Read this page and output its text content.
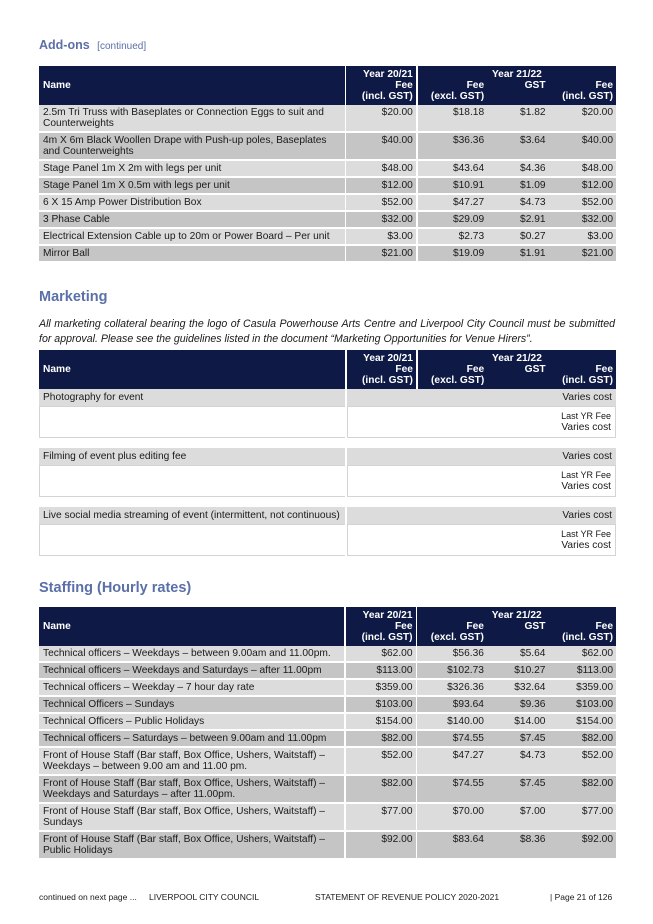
Add-ons [continued]
Name		Year 20/21		Year 21/22		
	Fee
(incl. GST)		Fee
(excl. GST)	GST	Fee
(incl. GST)
2.5m Tri Truss with Baseplates or Connection Eggs to suit and Counterweights		$20.00		$18.18	$1.82	$20.00
4m X 6m Black Woollen Drape with Push-up poles, Baseplates and Counterweights		$40.00		$36.36	$3.64	$40.00
Stage Panel 1m X 2m with legs per unit		$48.00		$43.64	$4.36	$48.00
Stage Panel 1m X 0.5m with legs per unit		$12.00		$10.91	$1.09	$12.00
6 X 15 Amp Power Distribution Box		$52.00		$47.27	$4.73	$52.00
3 Phase Cable		$32.00		$29.09	$2.91	$32.00
Electrical Extension Cable up to 20m or Power Board – Per unit		$3.00		$2.73	$0.27	$3.00
Mirror Ball		$21.00		$19.09	$1.91	$21.00
Marketing
All marketing collateral bearing the logo of Casula Powerhouse Arts Centre and Liverpool City Council must be submitted for approval. Please see the guidelines listed in the document “Marketing Opportunities for Venue Hirers”.
Name		Year 20/21		Year 21/22		
		Fee
(incl. GST)		Fee
(excl. GST)	GST	Fee
(incl. GST)
Photography for event		Varies cost				
		Last YR Fee
Varies cost				

Filming of event plus editing fee		Varies cost				
		Last YR Fee
Varies cost				

Live social media streaming of event (intermittent, not continuous)		Varies cost				
		Last YR Fee
Varies cost				
Staffing (Hourly rates)
Name		Year 20/21		Year 21/22		
		Fee
(incl. GST)		Fee
(excl. GST)	GST	Fee
(incl. GST)
Technical officers – Weekdays – between 9.00am and 11.00pm.		$62.00		$56.36	$5.64	$62.00
Technical officers – Weekdays and Saturdays – after 11.00pm		$113.00		$102.73	$10.27	$113.00
Technical officers – Weekday – 7 hour day rate		$359.00		$326.36	$32.64	$359.00
Technical Officers – Sundays		$103.00		$93.64	$9.36	$103.00
Technical Officers – Public Holidays		$154.00		$140.00	$14.00	$154.00
Technical officers – Saturdays – between 9.00am and 11.00pm		$82.00		$74.55	$7.45	$82.00
Front of House Staff (Bar staff, Box Office, Ushers, Waitstaff) – Weekdays – between 9.00 am and 11.00 pm.		$52.00		$47.27	$4.73	$52.00
Front of House Staff (Bar staff, Box Office, Ushers, Waitstaff) – Weekdays and Saturdays – after 11.00pm.		$82.00		$74.55	$7.45	$82.00
Front of House Staff (Bar staff, Box Office, Ushers, Waitstaff) – Sundays		$77.00		$70.00	$7.00	$77.00
Front of House Staff (Bar staff, Box Office, Ushers, Waitstaff) – Public Holidays		$92.00		$83.64	$8.36	$92.00
continued on next page ... LIVERPOOL CITY COUNCIL	STATEMENT OF REVENUE POLICY 2020-2021	| Page 21 of 126
